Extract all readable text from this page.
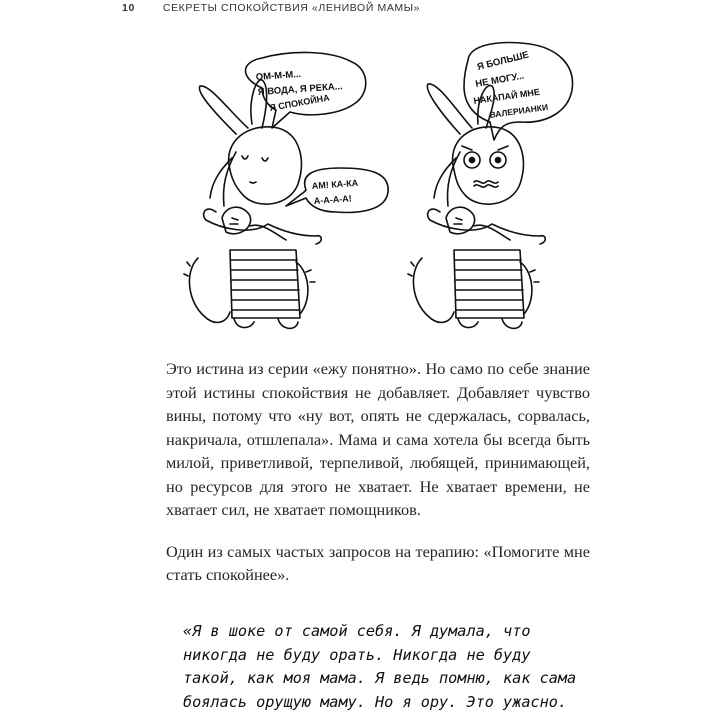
10	СЕКРЕТЫ СПОКОЙСТВИЯ «ЛЕНИВОЙ МАМЫ»
ОМ-М-М...
Я ВОДА, Я РЕКА...
Я СПОКОЙНА
АМ! КА-КА
А-А-А-А!
Я БОЛЬШЕ
НЕ МОГУ...
НАКАПАЙ МНЕ
ВАЛЕРИАНКИ

Это истина из серии «ежу понятно». Но само по себе знание этой истины спокойствия не добавляет. Добавляет чувство вины, потому что «ну вот, опять не сдержалась, сорвалась, накричала, отшлепала». Мама и сама хотела бы всегда быть милой, приветливой, терпеливой, любящей, принимающей, но ресурсов для этого не хватает. Не хватает времени, не хватает сил, не хватает помощников.

Один из самых частых запросов на терапию: «Помогите мне стать спокойнее».

«Я в шоке от самой себя. Я думала, что никогда не буду орать. Никогда не буду такой, как моя мама. Я ведь помню, как сама боялась орущую маму. Но я ору. Это ужасно.
